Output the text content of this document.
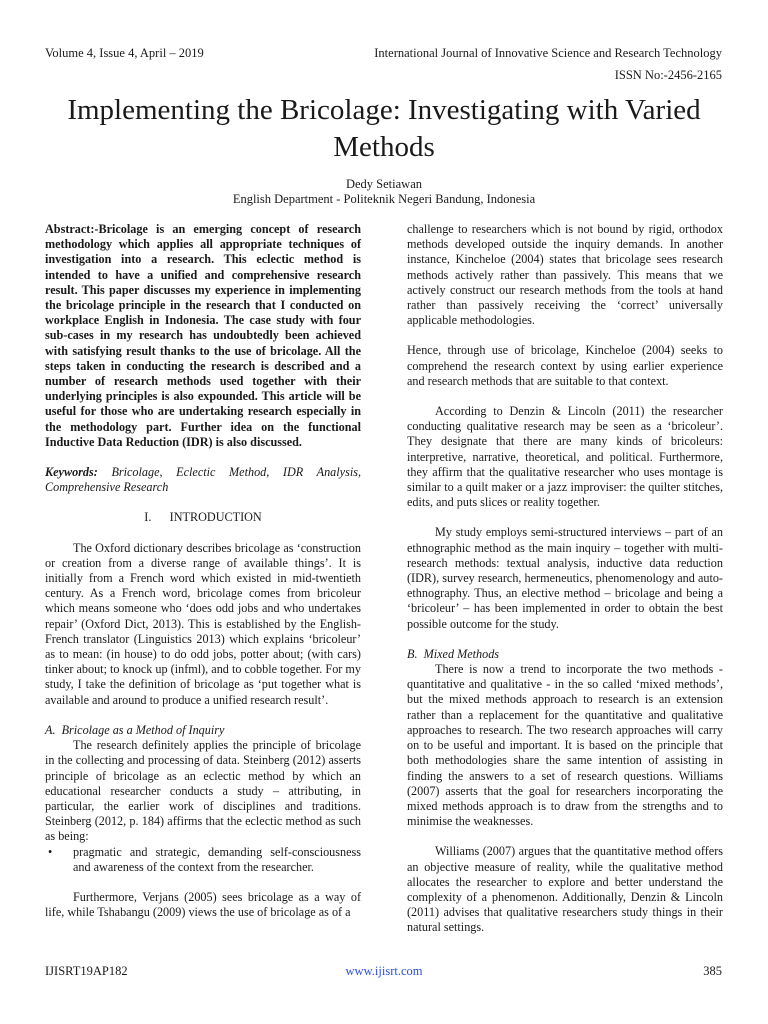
Volume 4, Issue 4, April – 2019	International Journal of Innovative Science and Research Technology
ISSN No:-2456-2165
Implementing the Bricolage: Investigating with Varied Methods
Dedy Setiawan
English Department - Politeknik Negeri Bandung, Indonesia

Abstract:-Bricolage is an emerging concept of research methodology which applies all appropriate techniques of investigation into a research. This eclectic method is intended to have a unified and comprehensive research result. This paper discusses my experience in implementing the bricolage principle in the research that I conducted on workplace English in Indonesia. The case study with four sub-cases in my research has undoubtedly been achieved with satisfying result thanks to the use of bricolage. All the steps taken in conducting the research is described and a number of research methods used together with their underlying principles is also expounded. This article will be useful for those who are undertaking research especially in the methodology part. Further idea on the functional Inductive Data Reduction (IDR) is also discussed.

Keywords: Bricolage, Eclectic Method, IDR Analysis, Comprehensive Research

I.      INTRODUCTION

The Oxford dictionary describes bricolage as ‘construction or creation from a diverse range of available things’. It is initially from a French word which existed in mid-twentieth century. As a French word, bricolage comes from bricoleur which means someone who ‘does odd jobs and who undertakes repair’ (Oxford Dict, 2013). This is established by the English-French translator (Linguistics 2013) which explains ‘bricoleur’ as to mean: (in house) to do odd jobs, potter about; (with cars) tinker about; to knock up (infml), and to cobble together. For my study, I take the definition of bricolage as ‘put together what is available and around to produce a unified research result’.

A.  Bricolage as a Method of Inquiry

The research definitely applies the principle of bricolage in the collecting and processing of data. Steinberg (2012) asserts principle of bricolage as an eclectic method by which an educational researcher conducts a study – attributing, in particular, the earlier work of disciplines and traditions. Steinberg (2012, p. 184) affirms that the eclectic method as such as being:

•	pragmatic and strategic, demanding self-consciousness and awareness of the context from the researcher.

Furthermore, Verjans (2005) sees bricolage as a way of life, while Tshabangu (2009) views the use of bricolage as of a

challenge to researchers which is not bound by rigid, orthodox methods developed outside the inquiry demands. In another instance, Kincheloe (2004) states that bricolage sees research methods actively rather than passively. This means that we actively construct our research methods from the tools at hand rather than passively receiving the ‘correct’ universally applicable methodologies.

Hence, through use of bricolage, Kincheloe (2004) seeks to comprehend the research context by using earlier experience and research methods that are suitable to that context.

According to Denzin & Lincoln (2011) the researcher conducting qualitative research may be seen as a ‘bricoleur’. They designate that there are many kinds of bricoleurs: interpretive, narrative, theoretical, and political. Furthermore, they affirm that the qualitative researcher who uses montage is similar to a quilt maker or a jazz improviser: the quilter stitches, edits, and puts slices or reality together.

My study employs semi-structured interviews – part of an ethnographic method as the main inquiry – together with multi-research methods: textual analysis, inductive data reduction (IDR), survey research, hermeneutics, phenomenology and auto-ethnography. Thus, an elective method – bricolage and being a ‘bricoleur’ – has been implemented in order to obtain the best possible outcome for the study.

B.  Mixed Methods

There is now a trend to incorporate the two methods - quantitative and qualitative - in the so called ‘mixed methods’, but the mixed methods approach to research is an extension rather than a replacement for the quantitative and qualitative approaches to research. The two research approaches will carry on to be useful and important. It is based on the principle that both methodologies share the same intention of assisting in finding the answers to a set of research questions. Williams (2007) asserts that the goal for researchers incorporating the mixed methods approach is to draw from the strengths and to minimise the weaknesses.

Williams (2007) argues that the quantitative method offers an objective measure of reality, while the qualitative method allocates the researcher to explore and better understand the complexity of a phenomenon. Additionally, Denzin & Lincoln (2011) advises that qualitative researchers study things in their natural settings.

IJISRT19AP182	www.ijisrt.com	385
